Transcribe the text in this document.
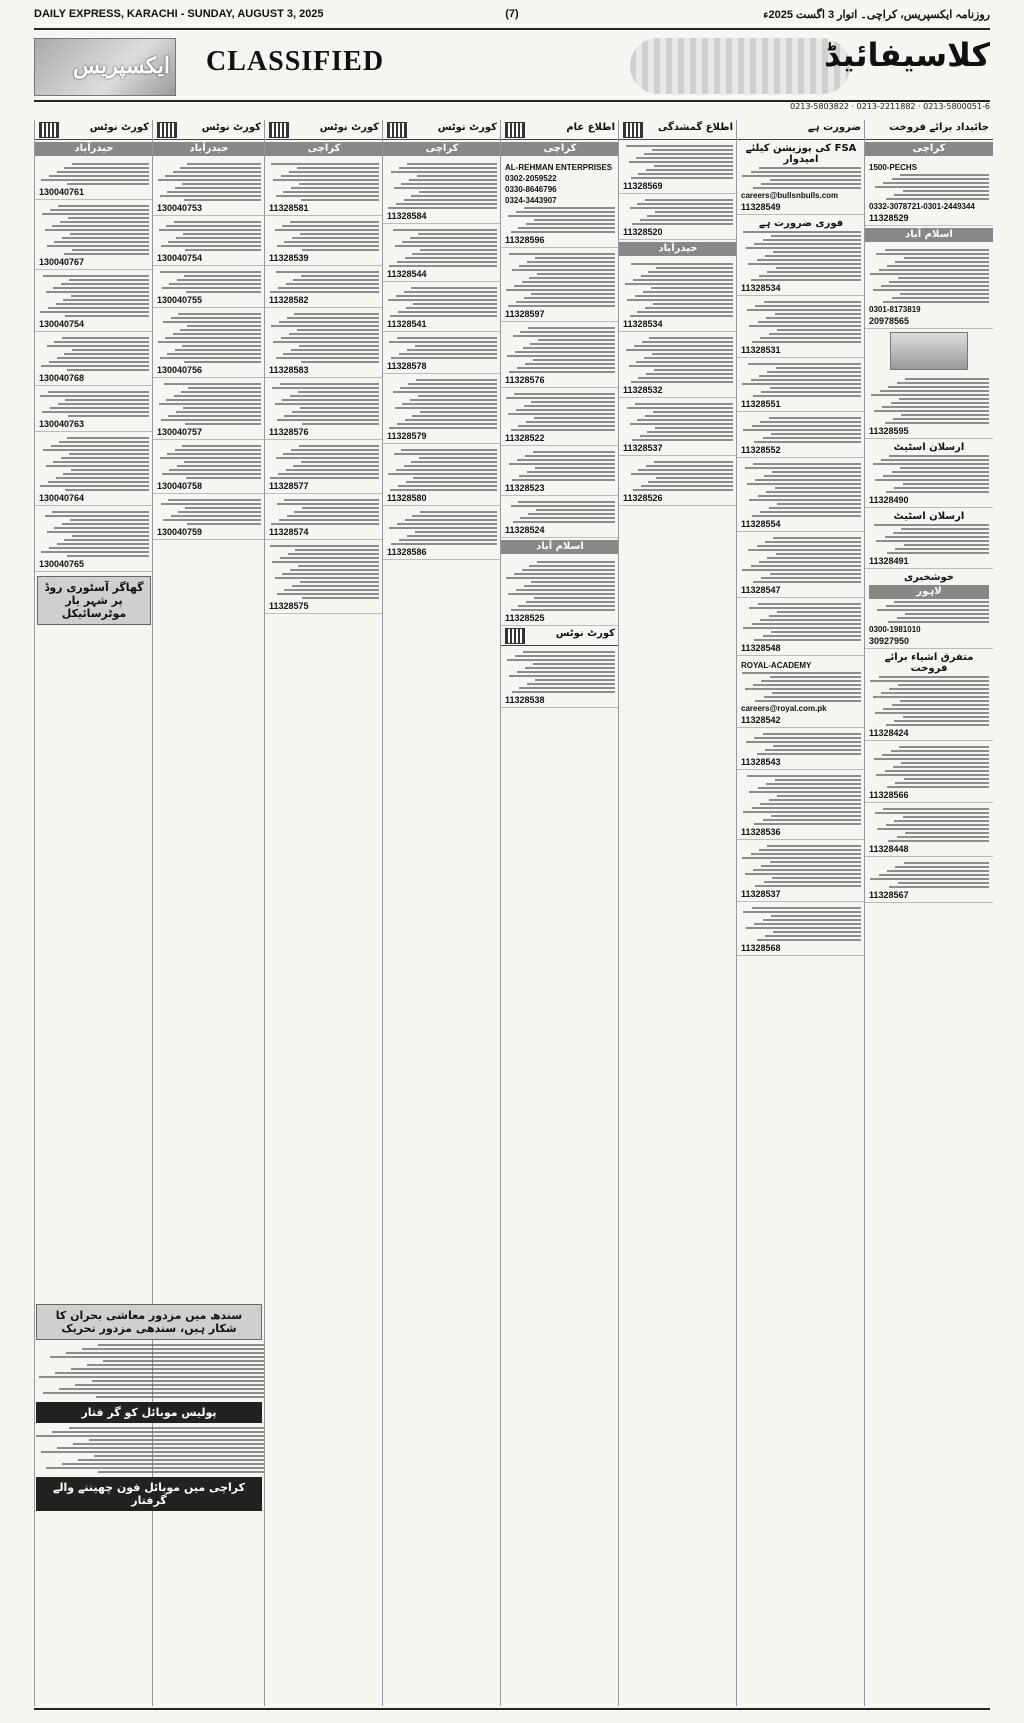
DAILY EXPRESS, KARACHI - SUNDAY, AUGUST 3, 2025	(7)	روزنامہ ایکسپریس، کراچی۔ اتوار 3 اگست 2025ء
ایکسپریس CLASSIFIED	کلاسیفائیڈ
0213-5800051-6 · 0213-2211882 · 0213-5803822
کورٹ نوٹس
حیدرآباد
130040761
130040767
130040754
130040768
130040763
130040764
130040765
گھاگر آسٹوری روڈ پر شہر یار موٹرسائیکل
کورٹ نوٹس
حیدرآباد
130040753
130040754
130040755
130040756
130040757
130040758
130040759
سندھ میں مزدور معاشی بحران کا شکار ہیں، سندھی مزدور تحریک
پولیس موبائل کو گر فتار
کراچی میں موبائل فون چھیننے والے گرفتار
کورٹ نوٹس
کراچی
11328581
11328539
11328582
11328583
11328576
11328577
11328574
11328575
کورٹ نوٹس
کراچی
11328584
11328544
11328541
11328578
11328579
11328580
11328586
اطلاع عام
کراچی
AL-REHMAN ENTERPRISES
0302-2059522
0330-8646796
0324-3443907
11328596
11328597
11328576
11328522
11328523
11328524
اسلام آباد
11328525
کورٹ نوٹس
11328538
اطلاع گمشدگی
11328569
11328520
حیدرآباد
11328534
11328532
11328537
11328526
ضرورت ہے
FSA کی پوزیشن کیلئے امیدوار
careers@bullsnbulls.com
11328549
فوری ضرورت ہے
11328534
11328531
11328551
11328552
11328554
11328547
11328548
ROYAL-ACADEMY
careers@royal.com.pk
11328542
11328543
11328536
11328537
11328568
جائیداد برائے فروخت
کراچی
1500-PECHS
0332-3078721-0301-2449344
11328529
اسلام آباد
0301-8173819
20978565
11328595
ارسلان اسٹیٹ
11328490
ارسلان اسٹیٹ
11328491
خوشخبری
لاہور
0300-1981010
30927950
متفرق اشیاء برائے فروخت
11328424
11328566
11328448
11328567
